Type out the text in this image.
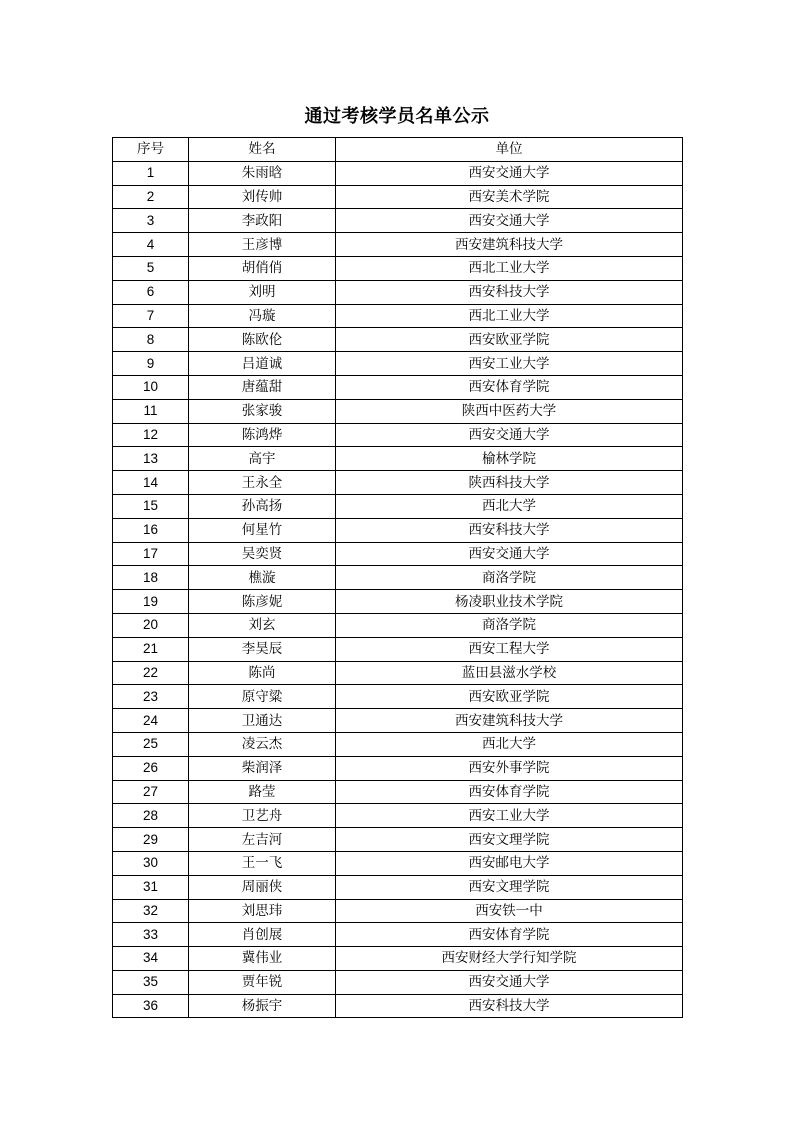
通过考核学员名单公示
序号	姓名	单位
1	朱雨晗	西安交通大学
2	刘传帅	西安美术学院
3	李政阳	西安交通大学
4	王彦博	西安建筑科技大学
5	胡俏俏	西北工业大学
6	刘明	西安科技大学
7	冯璇	西北工业大学
8	陈欧伦	西安欧亚学院
9	吕道诚	西安工业大学
10	唐蕴甜	西安体育学院
11	张家骏	陕西中医药大学
12	陈鸿烨	西安交通大学
13	高宇	榆林学院
14	王永全	陕西科技大学
15	孙高扬	西北大学
16	何星竹	西安科技大学
17	吴奕贤	西安交通大学
18	樵漩	商洛学院
19	陈彦妮	杨凌职业技术学院
20	刘玄	商洛学院
21	李昊辰	西安工程大学
22	陈尚	蓝田县滋水学校
23	原守粱	西安欧亚学院
24	卫通达	西安建筑科技大学
25	凌云杰	西北大学
26	柴润泽	西安外事学院
27	路莹	西安体育学院
28	卫艺舟	西安工业大学
29	左吉河	西安文理学院
30	王一飞	西安邮电大学
31	周丽侠	西安文理学院
32	刘思玮	西安铁一中
33	肖创展	西安体育学院
34	冀伟业	西安财经大学行知学院
35	贾年锐	西安交通大学
36	杨振宇	西安科技大学
